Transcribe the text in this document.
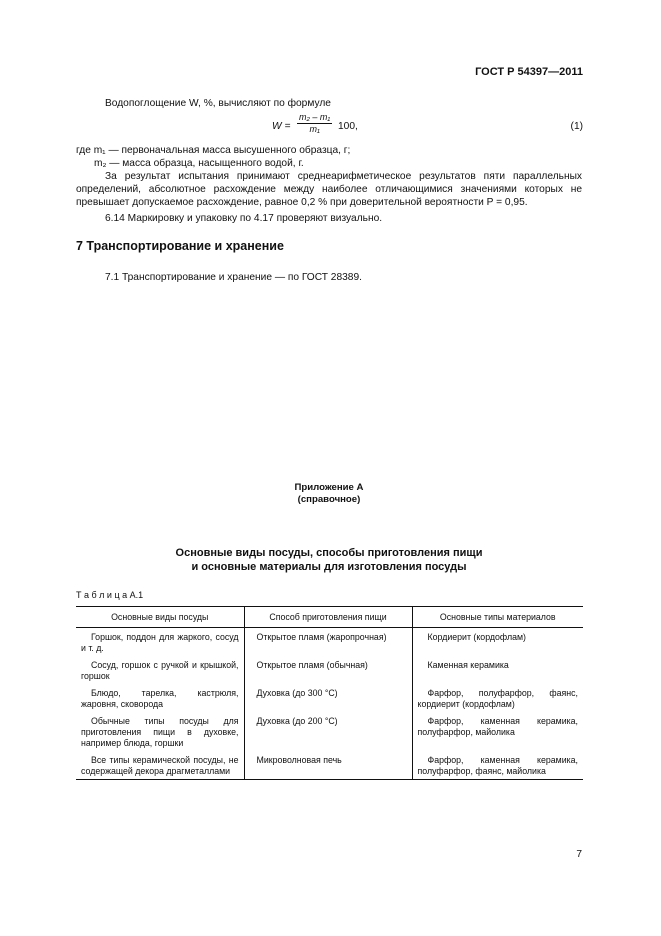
ГОСТ Р 54397—2011
Водопоглощение W, %, вычисляют по формуле
$W = \frac{\text{m₂ – m₁}}{\text{m₁}} 100$,	(1)
где m₁ — первоначальная масса высушенного образца, г;
m₂ — масса образца, насыщенного водой, г.
За результат испытания принимают среднеарифметическое результатов пяти параллельных определений, абсолютное расхождение между наиболее отличающимися значениями которых не превышает допускаемое расхождение, равное 0,2 % при доверительной вероятности P = 0,95.
6.14 Маркировку и упаковку по 4.17 проверяют визуально.
7 Транспортирование и хранение
7.1 Транспортирование и хранение — по ГОСТ 28389.
Приложение А
(справочное)
Основные виды посуды, способы приготовления пищи
и основные материалы для изготовления посуды
Т а б л и ц а А.1
Основные виды посуды	Способ приготовления пищи	Основные типы материалов
Горшок, поддон для жаркого, сосуд и т. д.	Открытое пламя (жаропрочная)	Кордиерит (кордофлам)
Сосуд, горшок с ручкой и крышкой, горшок	Открытое пламя (обычная)	Каменная керамика
Блюдо, тарелка, кастрюля, жаровня, сковорода	Духовка (до 300 °С)	Фарфор, полуфарфор, фаянс, кордиерит (кордофлам)
Обычные типы посуды для приготовления пищи в духовке, например блюда, горшки	Духовка (до 200 °С)	Фарфор, каменная керамика, полуфарфор, майолика
Все типы керамической посуды, не содержащей декора драгметаллами	Микроволновая печь	Фарфор, каменная керамика, полуфарфор, фаянс, майолика
7
